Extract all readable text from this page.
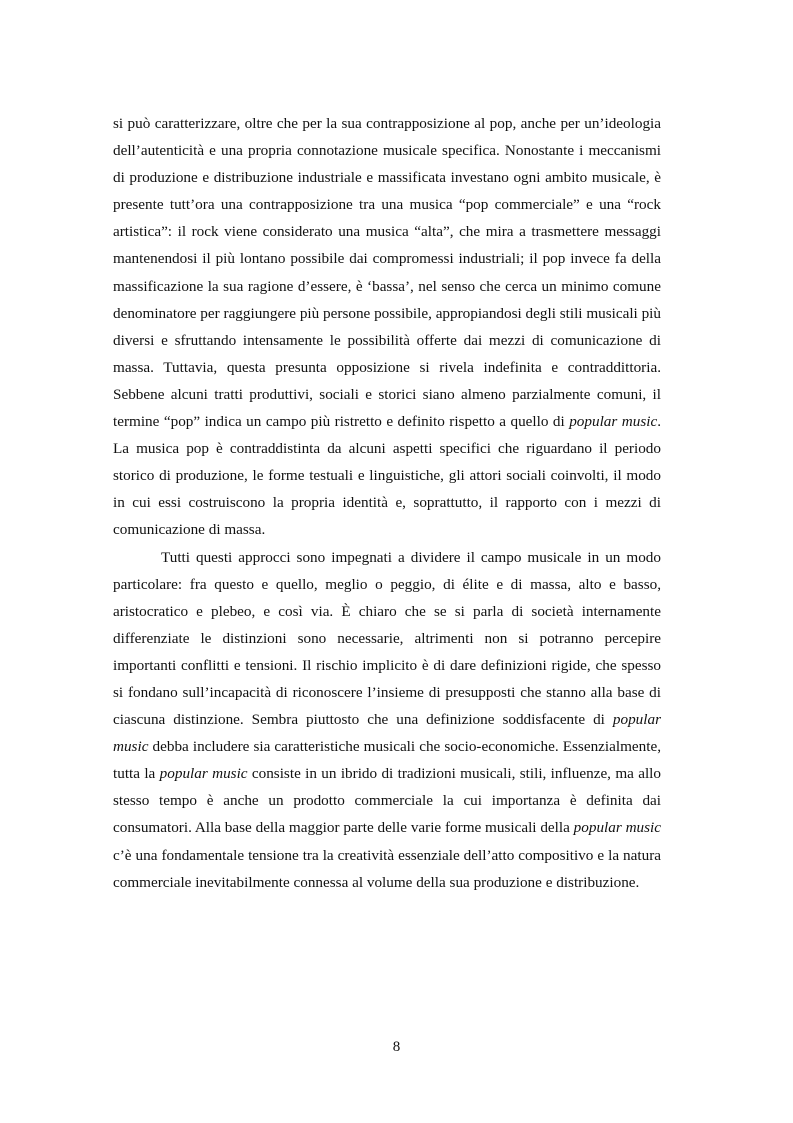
si può caratterizzare, oltre che per la sua contrapposizione al pop, anche per un’ideologia dell’autenticità e una propria connotazione musicale specifica. Nonostante i meccanismi di produzione e distribuzione industriale e massificata investano ogni ambito musicale, è presente tutt’ora una contrapposizione tra una musica “pop commerciale” e una “rock artistica”: il rock viene considerato una musica “alta”, che mira a trasmettere messaggi mantenendosi il più lontano possibile dai compromessi industriali; il pop invece fa della massificazione la sua ragione d’essere, è ‘bassa’, nel senso che cerca un minimo comune denominatore per raggiungere più persone possibile, appropiandosi degli stili musicali più diversi e sfruttando intensamente le possibilità offerte dai mezzi di comunicazione di massa. Tuttavia, questa presunta opposizione si rivela indefinita e contraddittoria. Sebbene alcuni tratti produttivi, sociali e storici siano almeno parzialmente comuni, il termine “pop” indica un campo più ristretto e definito rispetto a quello di popular music. La musica pop è contraddistinta da alcuni aspetti specifici che riguardano il periodo storico di produzione, le forme testuali e linguistiche, gli attori sociali coinvolti, il modo in cui essi costruiscono la propria identità e, soprattutto, il rapporto con i mezzi di comunicazione di massa.

Tutti questi approcci sono impegnati a dividere il campo musicale in un modo particolare: fra questo e quello, meglio o peggio, di élite e di massa, alto e basso, aristocratico e plebeo, e così via. È chiaro che se si parla di società internamente differenziate le distinzioni sono necessarie, altrimenti non si potranno percepire importanti conflitti e tensioni. Il rischio implicito è di dare definizioni rigide, che spesso si fondano sull’incapacità di riconoscere l’insieme di presupposti che stanno alla base di ciascuna distinzione. Sembra piuttosto che una definizione soddisfacente di popular music debba includere sia caratteristiche musicali che socio-economiche. Essenzialmente, tutta la popular music consiste in un ibrido di tradizioni musicali, stili, influenze, ma allo stesso tempo è anche un prodotto commerciale la cui importanza è definita dai consumatori. Alla base della maggior parte delle varie forme musicali della popular music c’è una fondamentale tensione tra la creatività essenziale dell’atto compositivo e la natura commerciale inevitabilmente connessa al volume della sua produzione e distribuzione.

8
